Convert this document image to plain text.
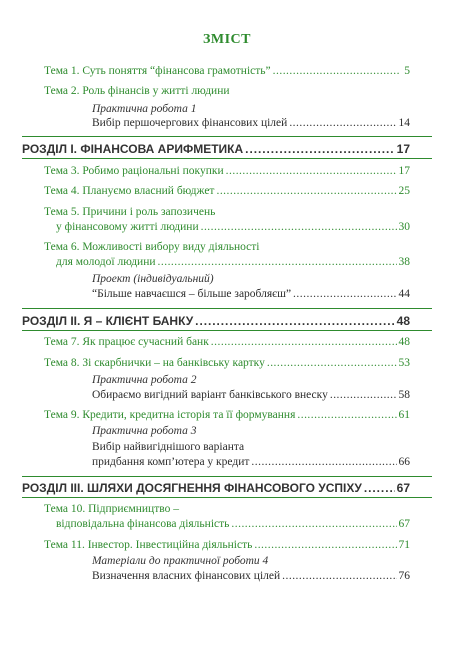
ЗМІСТ
Тема 1. Суть поняття “фінансова грамотність” . . .	5
Тема 2. Роль фінансів у житті людини
Практична робота 1
Вибір першочергових фінансових цілей . . .	14
РОЗДІЛ І. ФІНАНСОВА АРИФМЕТИКА . . .	17
Тема 3. Робимо раціональні покупки . . .	17
Тема 4. Плануємо власний бюджет . . .	25
Тема 5. Причини і роль запозичень
у фінансовому житті людини . . .	30
Тема 6. Можливості вибору виду діяльності
для молодої людини . . .	38
Проект (індивідуальний)
“Більше навчаєшся – більше заробляєш” . . .	44
РОЗДІЛ ІІ. Я – КЛІЄНТ БАНКУ . . .	48
Тема 7. Як працює сучасний банк . . .	48
Тема 8. Зі скарбнички – на банківську картку . . .	53
Практична робота 2
Обираємо вигідний варіант банківського внеску . . .	58
Тема 9. Кредити, кредитна історія та її формування . . .	61
Практична робота 3
Вибір найвигіднішого варіанта
придбання комп’ютера у кредит . . .	66
РОЗДІЛ ІІІ. ШЛЯХИ ДОСЯГНЕННЯ ФІНАНСОВОГО УСПІХУ . . .	67
Тема 10. Підприємництво –
відповідальна фінансова діяльність . . .	67
Тема 11. Інвестор. Інвестиційна діяльність . . .	71
Матеріали до практичної роботи 4
Визначення власних фінансових цілей . . .	76
